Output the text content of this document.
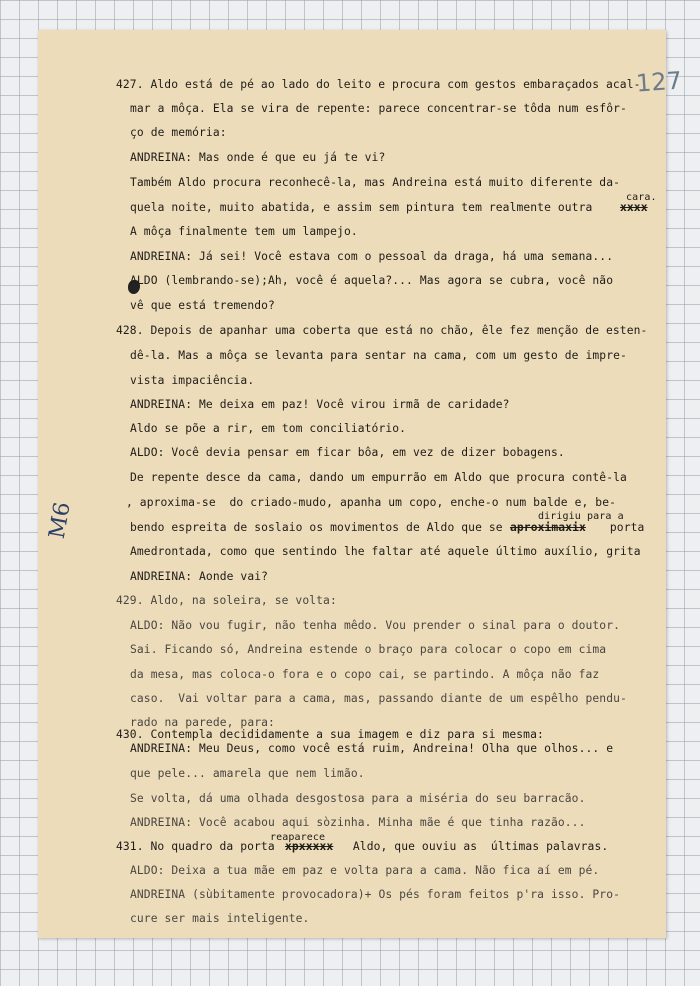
127
M6
427. Aldo está de pé ao lado do leito e procura com gestos embaraçados acal-
mar a môça. Ela se vira de repente: parece concentrar-se tôda num esfôr-
ço de memória:
ANDREINA: Mas onde é que eu já te vi?
Também Aldo procura reconhecê-la, mas Andreina está muito diferente da-
cara.
quela noite, muito abatida, e assim sem pintura tem realmente outra xxxx
A môça finalmente tem um lampejo.
ANDREINA: Já sei! Você estava com o pessoal da draga, há uma semana...
ALDO (lembrando-se);Ah, você é aquela?... Mas agora se cubra, você não
vê que está tremendo?
428. Depois de apanhar uma coberta que está no chão, êle fez menção de esten-
dê-la. Mas a môça se levanta para sentar na cama, com um gesto de impre-
vista impaciência.
ANDREINA: Me deixa em paz! Você virou irmã de caridade?
Aldo se põe a rir, em tom conciliatório.
ALDO: Você devia pensar em ficar bôa, em vez de dizer bobagens.
De repente desce da cama, dando um empurrão em Aldo que procura contê-la
, aproxima-se  do criado-mudo, apanha um copo, enche-o num balde e, be-
dirigiu para a
bendo espreita de soslaio os movimentos de Aldo que se aproximaxix porta
Amedrontada, como que sentindo lhe faltar até aquele último auxílio, grita
ANDREINA: Aonde vai?
429. Aldo, na soleira, se volta:
ALDO: Não vou fugir, não tenha mêdo. Vou prender o sinal para o doutor.
Sai. Ficando só, Andreina estende o braço para colocar o copo em cima
da mesa, mas coloca-o fora e o copo cai, se partindo. A môça não faz
caso.  Vai voltar para a cama, mas, passando diante de um espêlho pendu-
rado na parede, para:
430. Contempla decididamente a sua imagem e diz para si mesma:
ANDREINA: Meu Deus, como você está ruim, Andreina! Olha que olhos... e
que pele... amarela que nem limão.
Se volta, dá uma olhada desgostosa para a miséria do seu barracão.
ANDREINA: Você acabou aqui sòzinha. Minha mãe é que tinha razão...
reaparece
431. No quadro da porta xpxxxxx Aldo, que ouviu as  últimas palavras.
ALDO: Deixa a tua mãe em paz e volta para a cama. Não fica aí em pé.
ANDREINA (sùbitamente provocadora)+ Os pés foram feitos p'ra isso. Pro-
cure ser mais inteligente.
